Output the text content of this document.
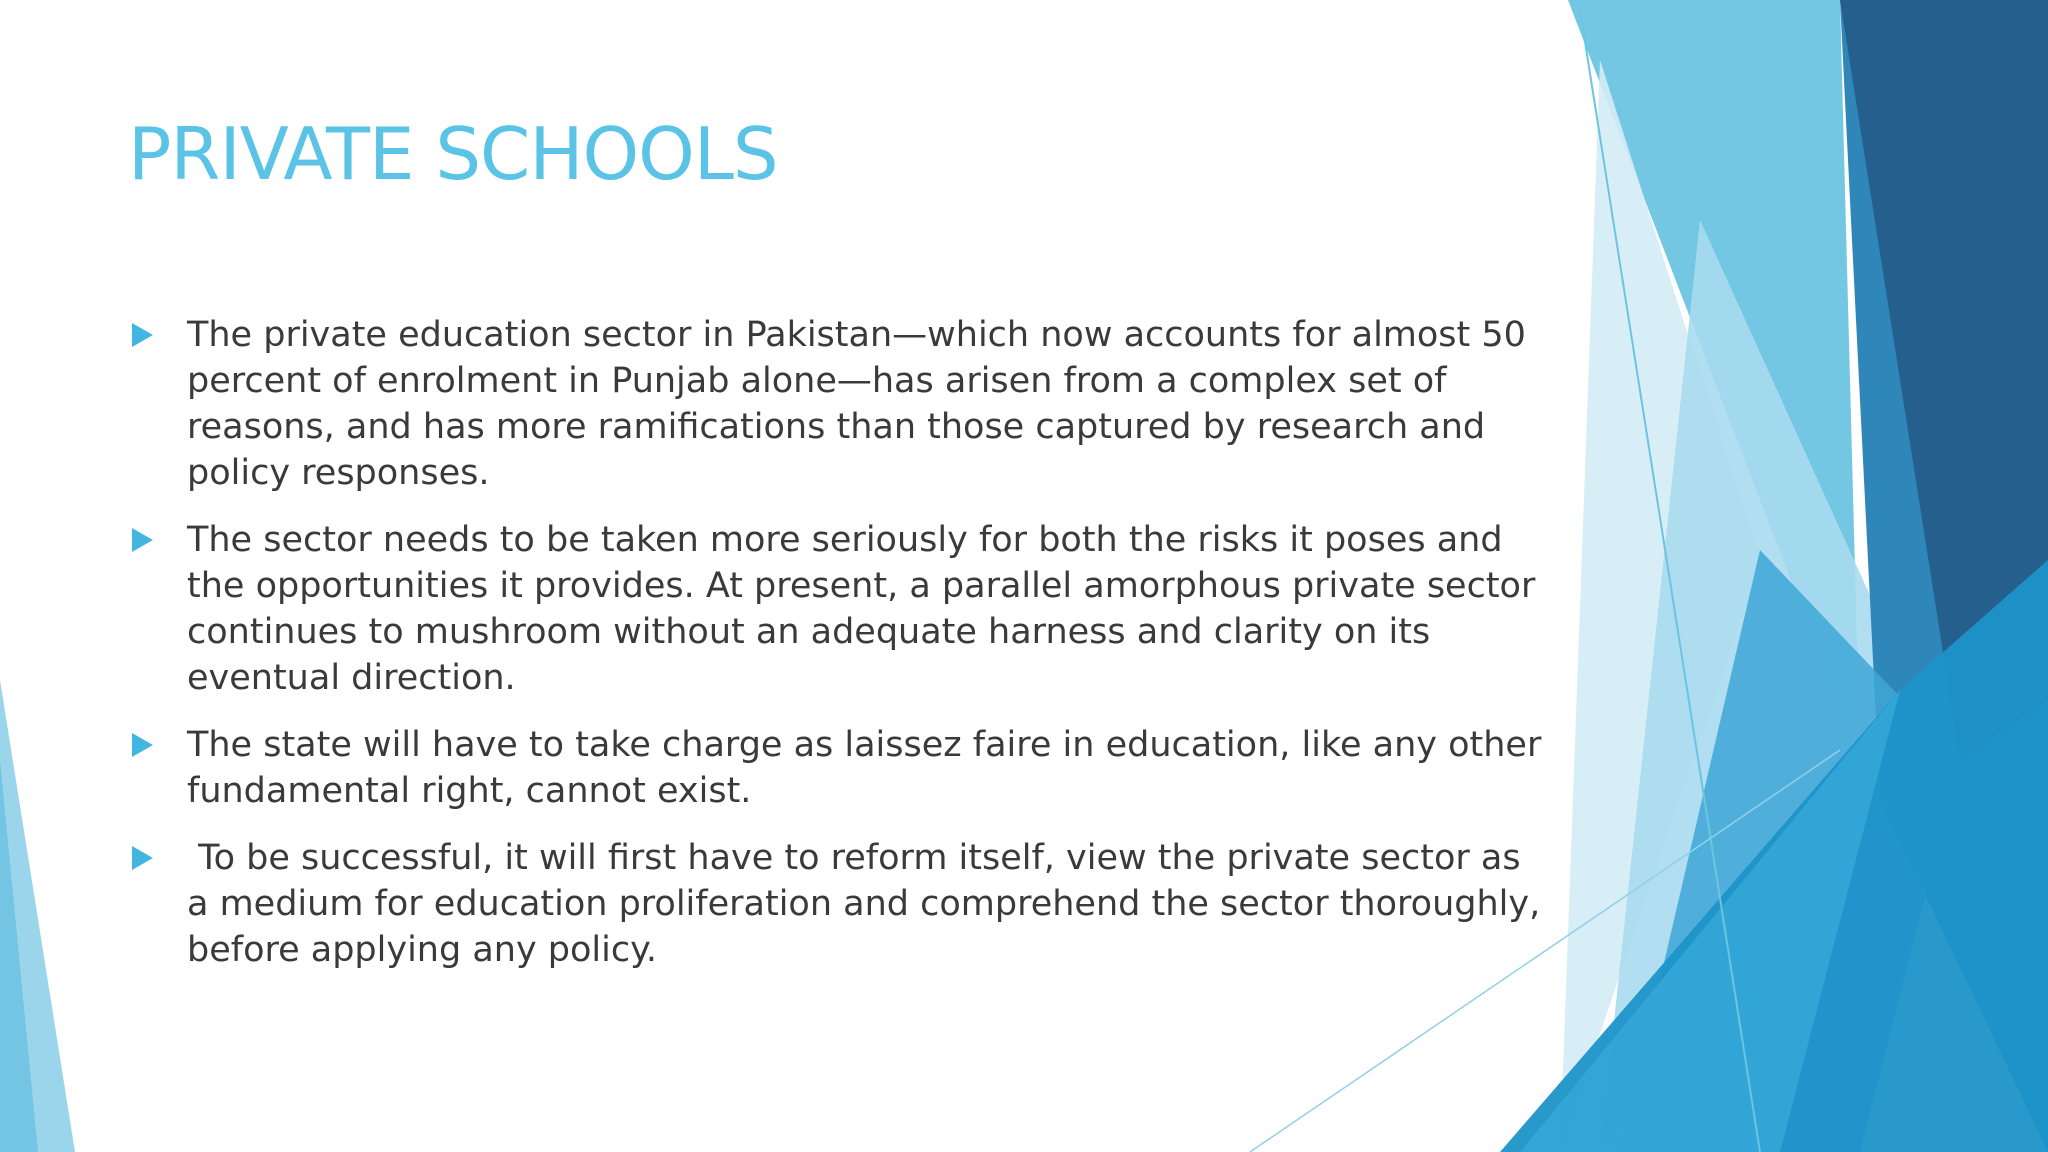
PRIVATE SCHOOLS
The private education sector in Pakistan—which now accounts for almost 50 percent of enrolment in Punjab alone—has arisen from a complex set of reasons, and has more ramifications than those captured by research and policy responses.
The sector needs to be taken more seriously for both the risks it poses and the opportunities it provides. At present, a parallel amorphous private sector continues to mushroom without an adequate harness and clarity on its eventual direction.
The state will have to take charge as laissez faire in education, like any other fundamental right, cannot exist.
To be successful, it will first have to reform itself, view the private sector as a medium for education proliferation and comprehend the sector thoroughly, before applying any policy.
